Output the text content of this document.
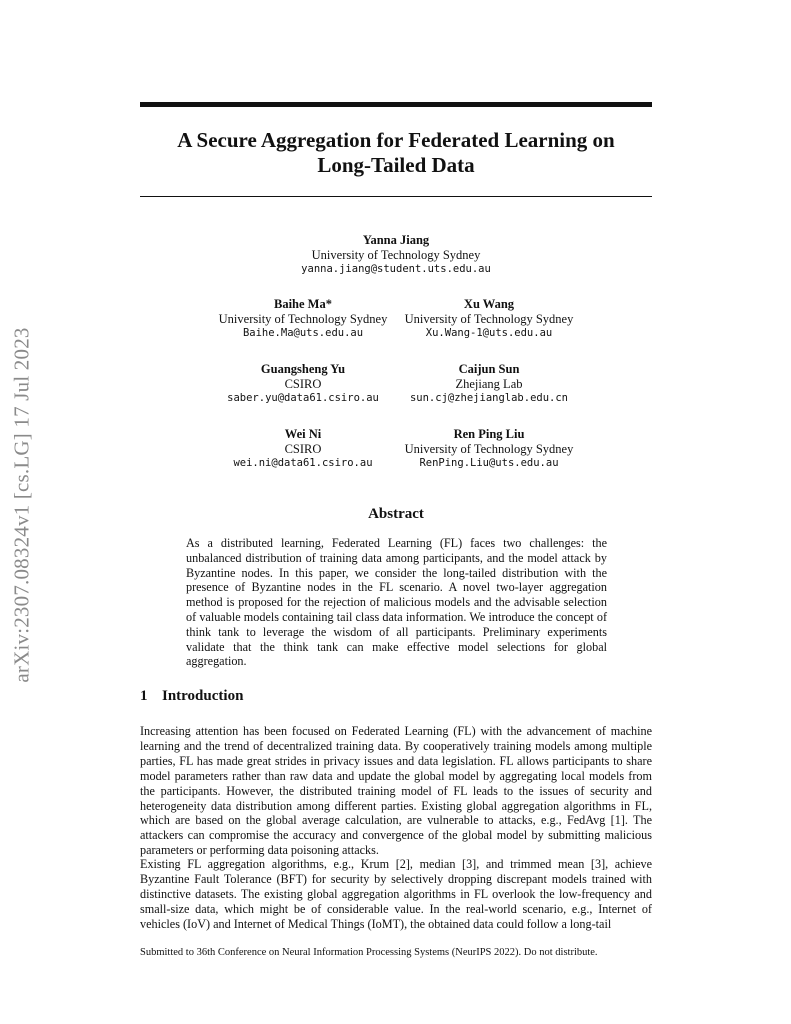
arXiv:2307.08324v1 [cs.LG] 17 Jul 2023
A Secure Aggregation for Federated Learning on
Long-Tailed Data
Yanna Jiang
University of Technology Sydney
yanna.jiang@student.uts.edu.au
Baihe Ma*
University of Technology Sydney
Baihe.Ma@uts.edu.au
Xu Wang
University of Technology Sydney
Xu.Wang-1@uts.edu.au
Guangsheng Yu
CSIRO
saber.yu@data61.csiro.au
Caijun Sun
Zhejiang Lab
sun.cj@zhejianglab.edu.cn
Wei Ni
CSIRO
wei.ni@data61.csiro.au
Ren Ping Liu
University of Technology Sydney
RenPing.Liu@uts.edu.au
Abstract

As a distributed learning, Federated Learning (FL) faces two challenges: the unbalanced distribution of training data among participants, and the model attack by Byzantine nodes. In this paper, we consider the long-tailed distribution with the presence of Byzantine nodes in the FL scenario. A novel two-layer aggregation method is proposed for the rejection of malicious models and the advisable selection of valuable models containing tail class data information. We introduce the concept of think tank to leverage the wisdom of all participants. Preliminary experiments validate that the think tank can make effective model selections for global aggregation.

1 Introduction

Increasing attention has been focused on Federated Learning (FL) with the advancement of machine learning and the trend of decentralized training data. By cooperatively training models among multiple parties, FL has made great strides in privacy issues and data legislation. FL allows participants to share model parameters rather than raw data and update the global model by aggregating local models from the participants. However, the distributed training model of FL leads to the issues of security and heterogeneity data distribution among different parties. Existing global aggregation algorithms in FL, which are based on the global average calculation, are vulnerable to attacks, e.g., FedAvg [1]. The attackers can compromise the accuracy and convergence of the global model by submitting malicious parameters or performing data poisoning attacks.

Existing FL aggregation algorithms, e.g., Krum [2], median [3], and trimmed mean [3], achieve Byzantine Fault Tolerance (BFT) for security by selectively dropping discrepant models trained with distinctive datasets. The existing global aggregation algorithms in FL overlook the low-frequency and small-size data, which might be of considerable value. In the real-world scenario, e.g., Internet of vehicles (IoV) and Internet of Medical Things (IoMT), the obtained data could follow a long-tail

Submitted to 36th Conference on Neural Information Processing Systems (NeurIPS 2022). Do not distribute.
